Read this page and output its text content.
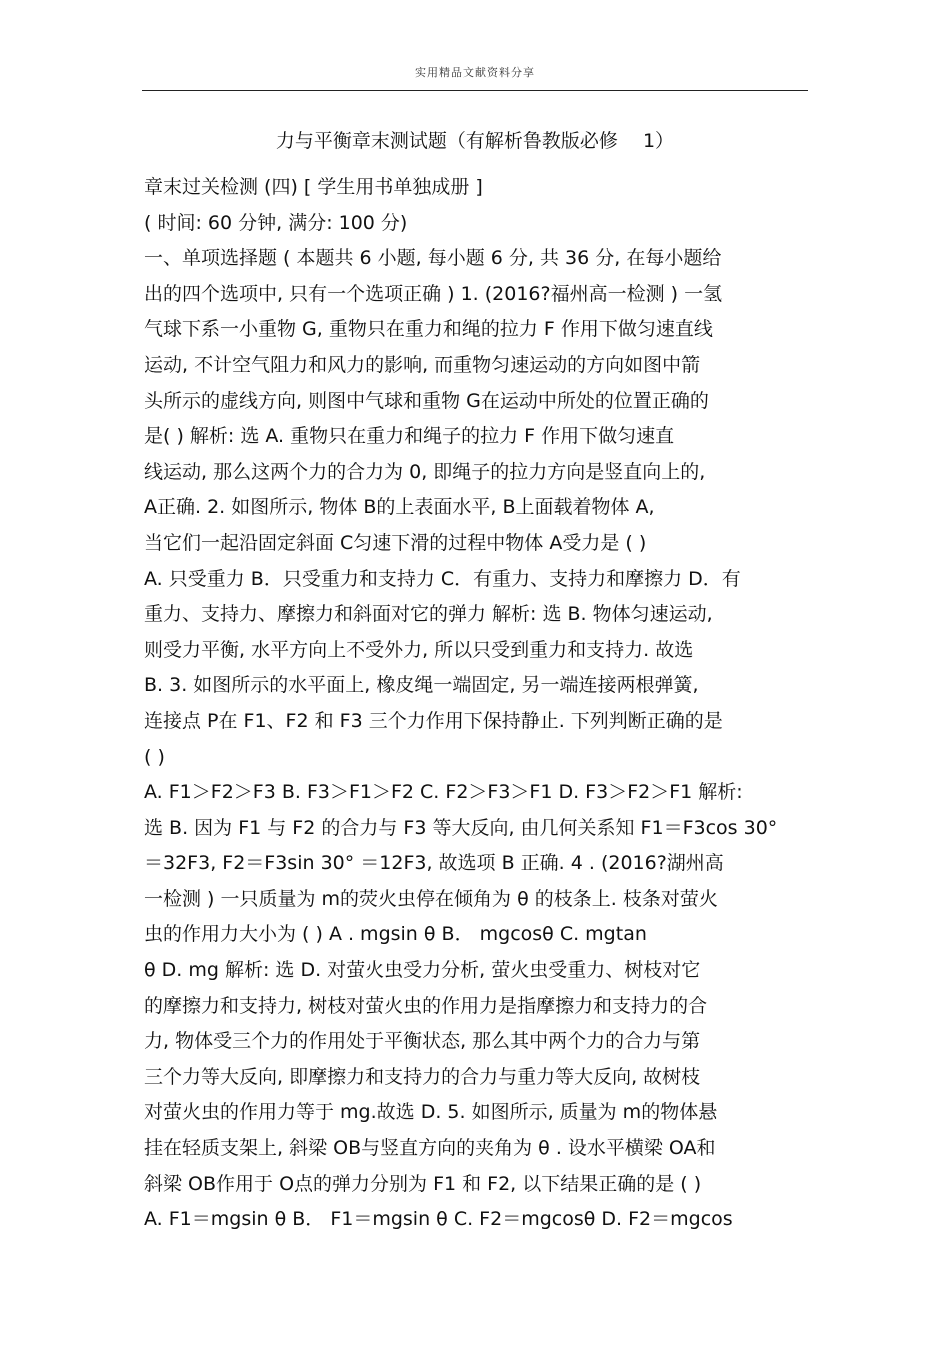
实用精品文献资料分享
力与平衡章末测试题（有解析鲁教版必修　 1）
章末过关检测 (四) [ 学生用书单独成册 ]
( 时间: 60 分钟, 满分: 100 分)
一、单项选择题 ( 本题共 6 小题, 每小题 6 分, 共 36 分, 在每小题给
出的四个选项中, 只有一个选项正确 ) 1. (2016?福州高一检测 ) 一氢
气球下系一小重物 G, 重物只在重力和绳的拉力 F 作用下做匀速直线
运动, 不计空气阻力和风力的影响, 而重物匀速运动的方向如图中箭
头所示的虚线方向, 则图中气球和重物 G在运动中所处的位置正确的
是( ) 解析: 选 A. 重物只在重力和绳子的拉力 F 作用下做匀速直
线运动, 那么这两个力的合力为 0, 即绳子的拉力方向是竖直向上的,
A正确. 2. 如图所示, 物体 B的上表面水平, B上面载着物体 A,
当它们一起沿固定斜面 C匀速下滑的过程中物体 A受力是 ( )
A. 只受重力 B．只受重力和支持力 C．有重力、支持力和摩擦力 D．有
重力、支持力、摩擦力和斜面对它的弹力 解析: 选 B. 物体匀速运动,
则受力平衡, 水平方向上不受外力, 所以只受到重力和支持力. 故选
B. 3. 如图所示的水平面上, 橡皮绳一端固定, 另一端连接两根弹簧,
连接点 P在 F1、F2 和 F3 三个力作用下保持静止. 下列判断正确的是
( )
A. F1＞F2＞F3 B. F3＞F1＞F2 C. F2＞F3＞F1 D. F3＞F2＞F1 解析:
选 B. 因为 F1 与 F2 的合力与 F3 等大反向, 由几何关系知 F1＝F3cos 30°
＝32F3, F2＝F3sin 30° ＝12F3, 故选项 B 正确. 4 . (2016?湖州高
一检测 ) 一只质量为 m的荧火虫停在倾角为 θ 的枝条上. 枝条对萤火
虫的作用力大小为 ( ) A . mgsin θ B． mgcosθ C. mgtan
θ D. mg 解析: 选 D. 对萤火虫受力分析, 萤火虫受重力、树枝对它
的摩擦力和支持力, 树枝对萤火虫的作用力是指摩擦力和支持力的合
力, 物体受三个力的作用处于平衡状态, 那么其中两个力的合力与第
三个力等大反向, 即摩擦力和支持力的合力与重力等大反向, 故树枝
对萤火虫的作用力等于 mg.故选 D. 5. 如图所示, 质量为 m的物体悬
挂在轻质支架上, 斜梁 OB与竖直方向的夹角为 θ . 设水平横梁 OA和
斜梁 OB作用于 O点的弹力分别为 F1 和 F2, 以下结果正确的是 ( )
A. F1＝mgsin θ B． F1＝mgsin θ C. F2＝mgcosθ D. F2＝mgcos
